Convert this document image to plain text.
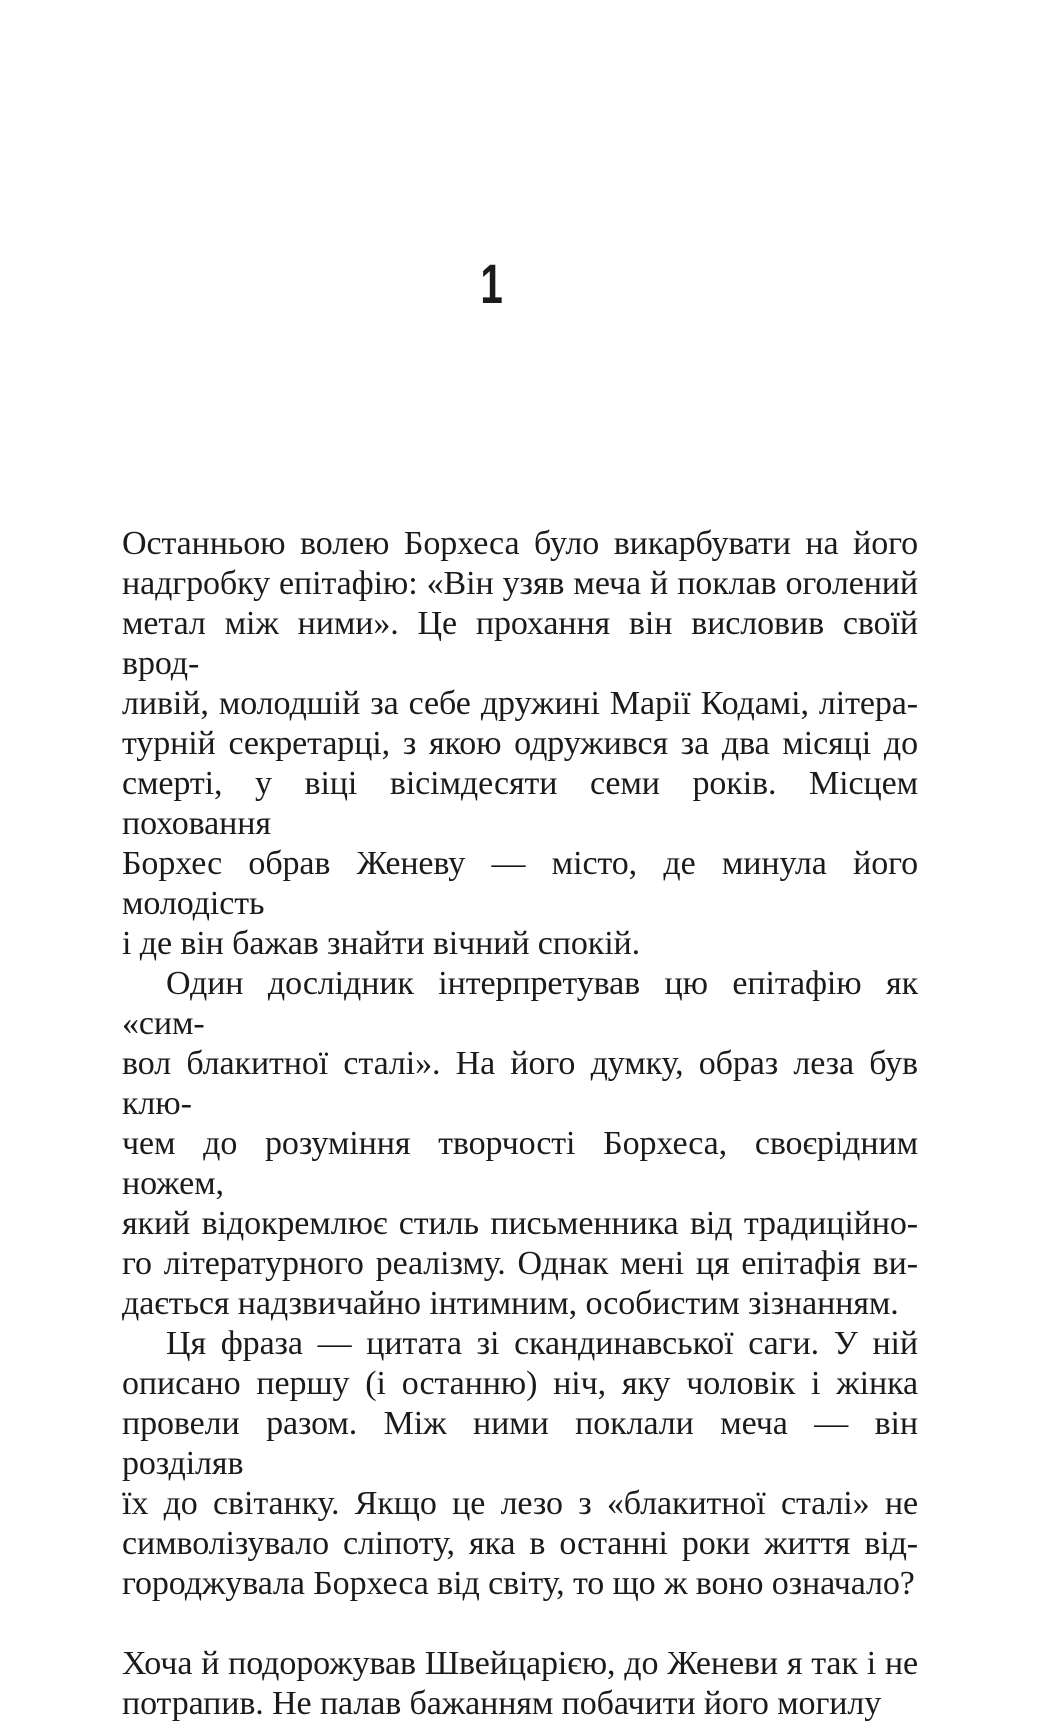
1
Останньою волею Борхеса було викарбувати на його
надгробку епітафію: «Він узяв меча й поклав оголений
метал між ними». Це прохання він висловив своїй врод-
ливій, молодшій за себе дружині Марії Кодамі, літера-
турній секретарці, з якою одружився за два місяці до
смерті, у віці вісімдесяти семи років. Місцем поховання
Борхес обрав Женеву — місто, де минула його молодість
і де він бажав знайти вічний спокій.
Один дослідник інтерпретував цю епітафію як «сим-
вол блакитної сталі». На його думку, образ леза був клю-
чем до розуміння творчості Борхеса, своєрідним ножем,
який відокремлює стиль письменника від традиційно-
го літературного реалізму. Однак мені ця епітафія ви-
дається надзвичайно інтимним, особистим зізнанням.
Ця фраза — цитата зі скандинавської саги. У ній
описано першу (і останню) ніч, яку чоловік і жінка
провели разом. Між ними поклали меча — він розділяв
їх до світанку. Якщо це лезо з «блакитної сталі» не
символізувало сліпоту, яка в останні роки життя від-
городжувала Борхеса від світу, то що ж воно означало?
Хоча й подорожував Швейцарією, до Женеви я так і не
потрапив. Не палав бажанням побачити його могилу
